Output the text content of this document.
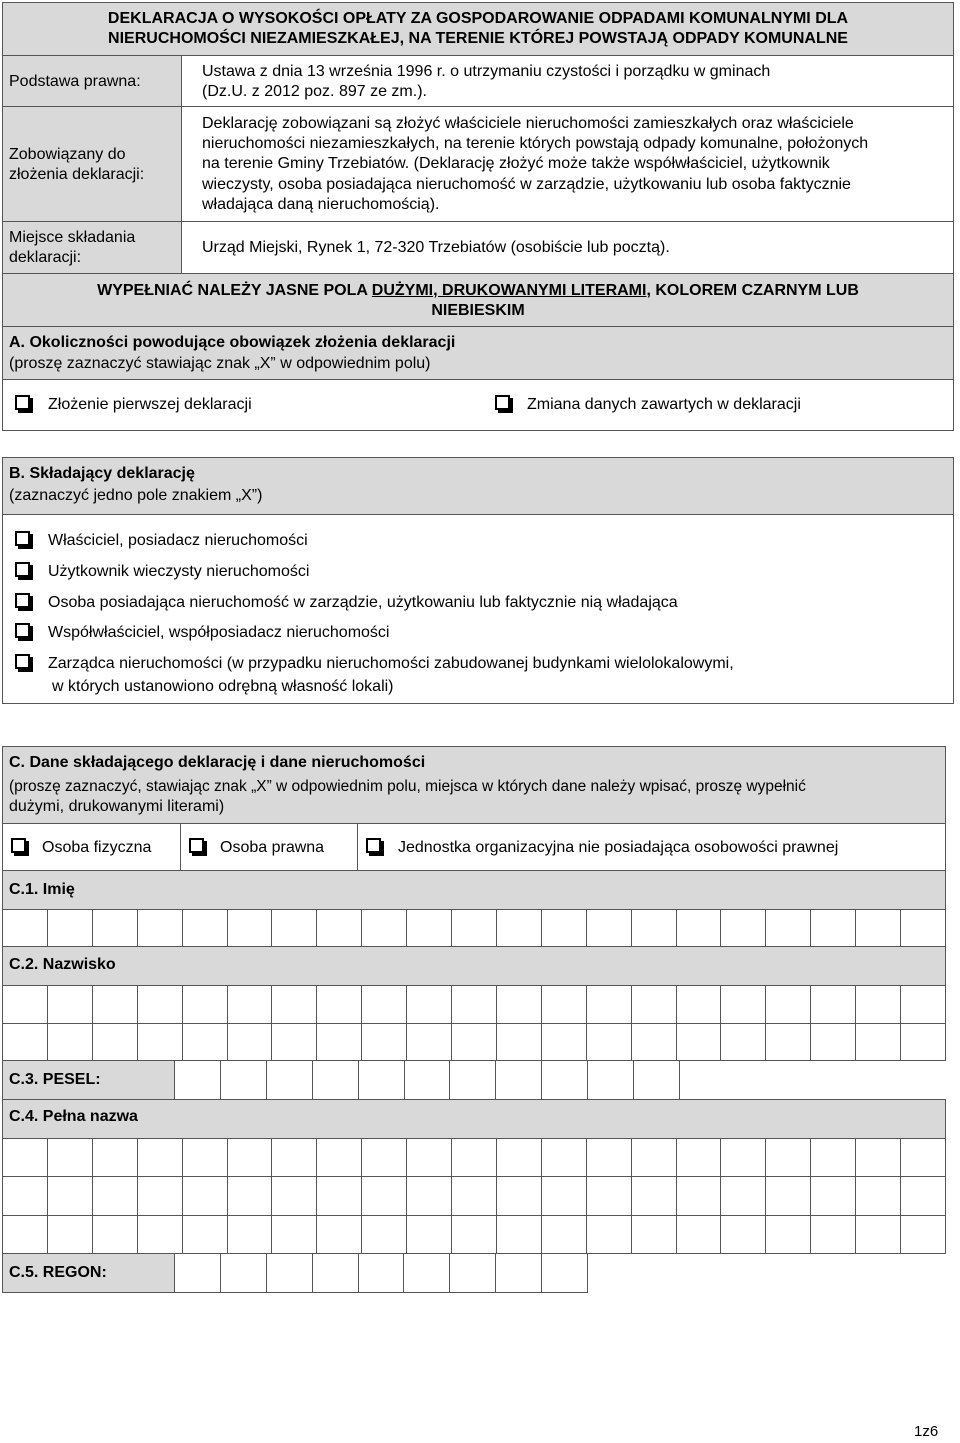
DEKLARACJA O WYSOKOŚCI OPŁATY ZA GOSPODAROWANIE ODPADAMI KOMUNALNYMI DLA
NIERUCHOMOŚCI NIEZAMIESZKAŁEJ, NA TERENIE KTÓREJ POWSTAJĄ ODPADY KOMUNALNE
Podstawa prawna:
Ustawa z dnia 13 września 1996 r. o utrzymaniu czystości i porządku w gminach
(Dz.U. z 2012 poz. 897 ze zm.).
Zobowiązany do
złożenia deklaracji:
Deklarację zobowiązani są złożyć właściciele nieruchomości zamieszkałych oraz właściciele
nieruchomości niezamieszkałych, na terenie których powstają odpady komunalne, położonych
na terenie Gminy Trzebiatów. (Deklarację złożyć może także współwłaściciel, użytkownik
wieczysty, osoba posiadająca nieruchomość w zarządzie, użytkowaniu lub osoba faktycznie
władająca daną nieruchomością).
Miejsce składania
deklaracji:
Urząd Miejski, Rynek 1, 72-320 Trzebiatów (osobiście lub pocztą).
WYPEŁNIAĆ NALEŻY JASNE POLA DUŻYMI, DRUKOWANYMI LITERAMI, KOLOREM CZARNYM LUB
NIEBIESKIM
A. Okoliczności powodujące obowiązek złożenia deklaracji
(proszę zaznaczyć stawiając znak „X” w odpowiednim polu)
Złożenie pierwszej deklaracji	Zmiana danych zawartych w deklaracji
B. Składający deklarację
(zaznaczyć jedno pole znakiem „X”)
Właściciel, posiadacz nieruchomości
Użytkownik wieczysty nieruchomości
Osoba posiadająca nieruchomość w zarządzie, użytkowaniu lub faktycznie nią władająca
Współwłaściciel, współposiadacz nieruchomości
Zarządca nieruchomości (w przypadku nieruchomości zabudowanej budynkami wielolokalowymi,
w których ustanowiono odrębną własność lokali)
C. Dane składającego deklarację i dane nieruchomości
(proszę zaznaczyć, stawiając znak „X” w odpowiednim polu, miejsca w których dane należy wpisać, proszę wypełnić
dużymi, drukowanymi literami)
Osoba fizyczna	Osoba prawna	Jednostka organizacyjna nie posiadająca osobowości prawnej
C.1. Imię
C.2. Nazwisko
C.3. PESEL:
C.4. Pełna nazwa
C.5. REGON:
1z6
